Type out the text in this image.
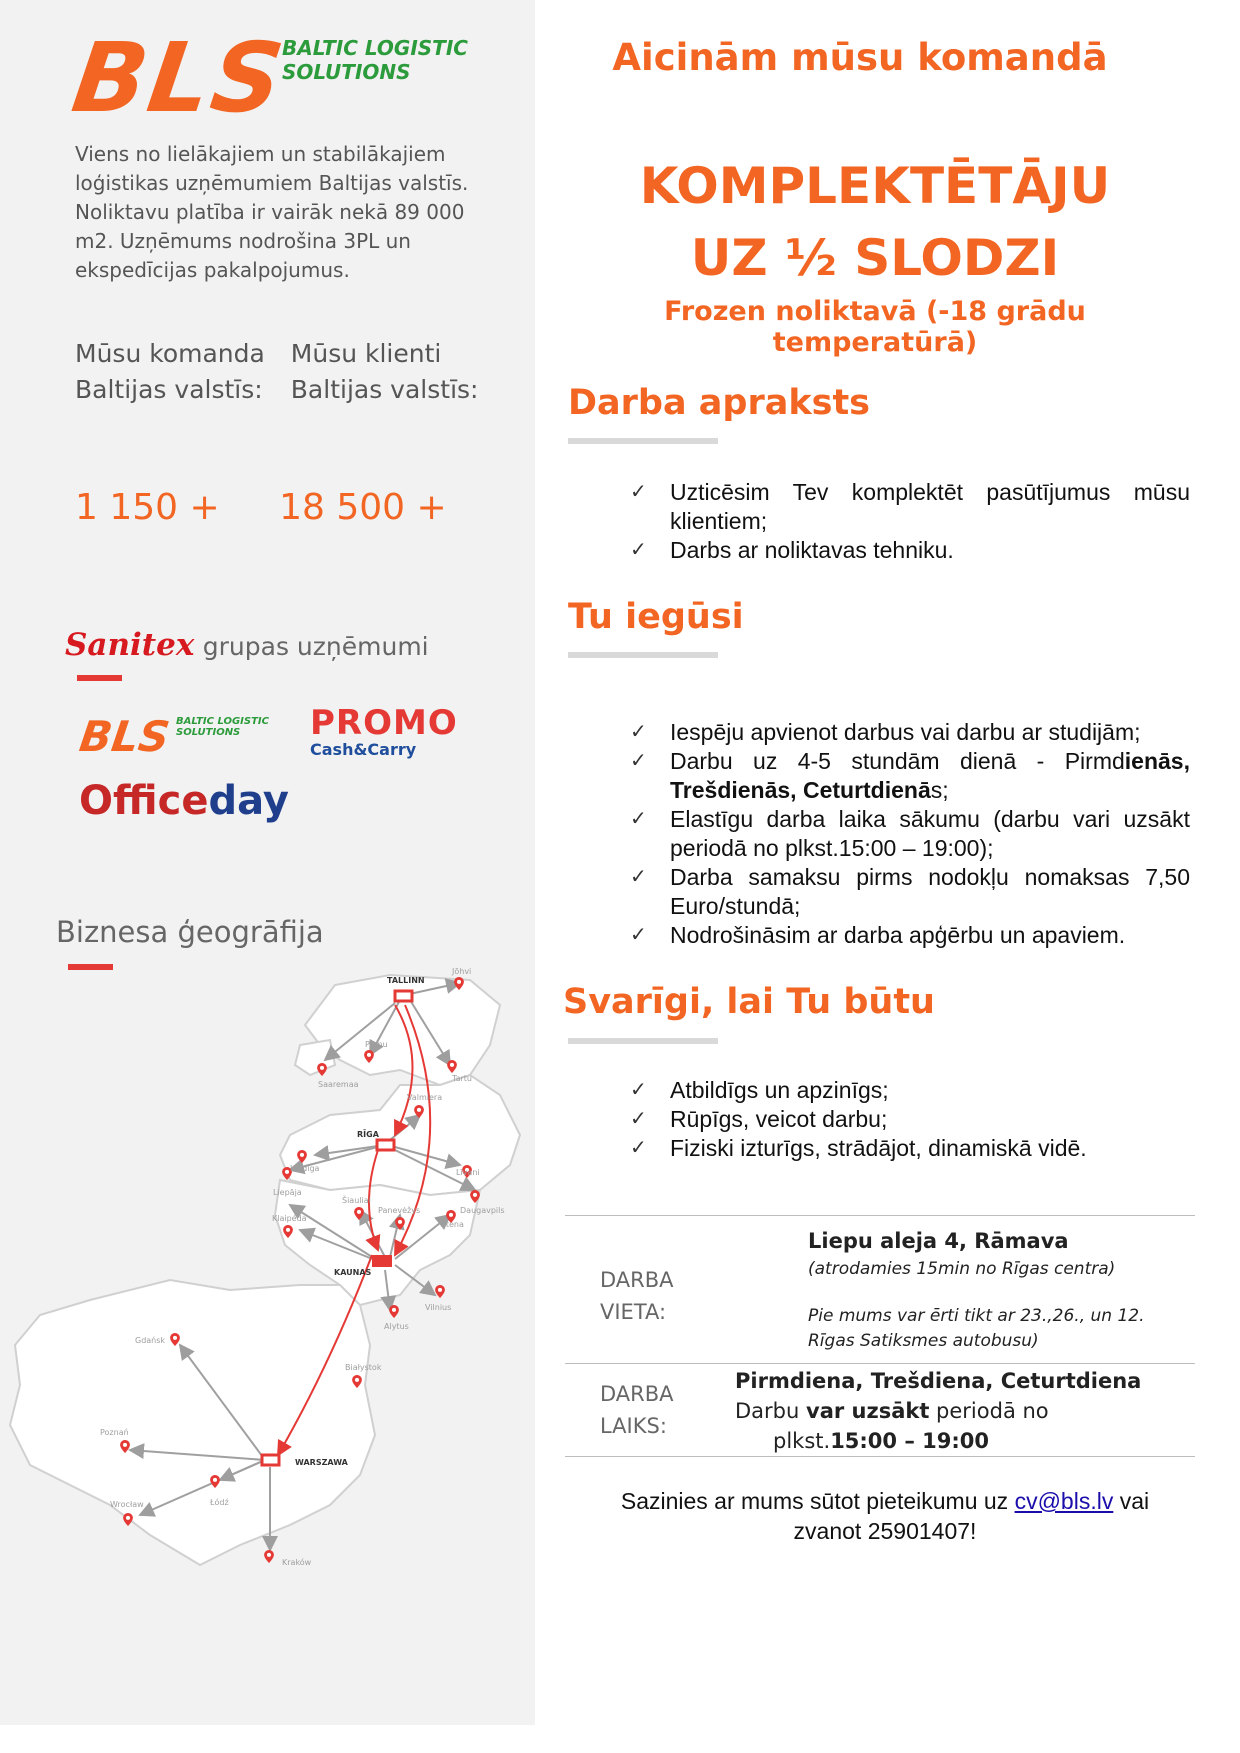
BLS
BALTIC LOGISTIC
SOLUTIONS

Viens no lielākajiem un stabilākajiem loģistikas uzņēmumiem Baltijas valstīs. Noliktavu platība ir vairāk nekā 89 000 m2. Uzņēmums nodrošina 3PL un ekspedīcijas pakalpojumus.

Mūsu komanda
Baltijas valstīs:

Mūsu klienti
Baltijas valstīs:
1 150 + 18 500 +
Sanitex grupas uzņēmumi
BLS BALTIC LOGISTIC
SOLUTIONS	PROMO
Cash&Carry
Officeday
Biznesa ģeogrāfija
TALLINN
RĪGA
KAUNAS
WARSZAWA
Jõhvi
Pärnu
Tartu
Saaremaa
Valmiera
Kuldīga
Liepāja
Līvani
Daugavpils
Šiauliai
Panevėžys
Utena
Klaipėda
Vilnius
Alytus
Gdańsk
Białystok
Poznań
Wrocław	Łódź
Kraków
Aicinām mūsu komandā
KOMPLEKTĒTĀJU
UZ ½ SLODZI
Frozen noliktavā (-18 grādu temperatūrā)
Darba apraksts
✓ Uzticēsim Tev komplektēt pasūtījumus mūsu klientiem;
✓ Darbs ar noliktavas tehniku.
Tu iegūsi
✓ Iespēju apvienot darbus vai darbu ar studijām;
✓ Darbu uz 4-5 stundām dienā - Pirmdienās, Trešdienās, Ceturtdienās;
✓ Elastīgu darba laika sākumu (darbu vari uzsākt periodā no plkst.15:00 – 19:00);
✓ Darba samaksu pirms nodokļu nomaksas 7,50 Euro/stundā;
✓ Nodrošināsim ar darba apģērbu un apaviem.
Svarīgi, lai Tu būtu
✓ Atbildīgs un apzinīgs;
✓ Rūpīgs, veicot darbu;
✓ Fiziski izturīgs, strādājot, dinamiskā vidē.
DARBA
VIETA:
Liepu aleja 4, Rāmava
(atrodamies 15min no Rīgas centra)
Pie mums var ērti tikt ar 23.,26., un 12. Rīgas Satiksmes autobusu)
DARBA
LAIKS:
Pirmdiena, Trešdiena, Ceturtdiena
Darbu var uzsākt periodā no
plkst.15:00 – 19:00
Sazinies ar mums sūtot pieteikumu uz cv@bls.lv vai
zvanot 25901407!
